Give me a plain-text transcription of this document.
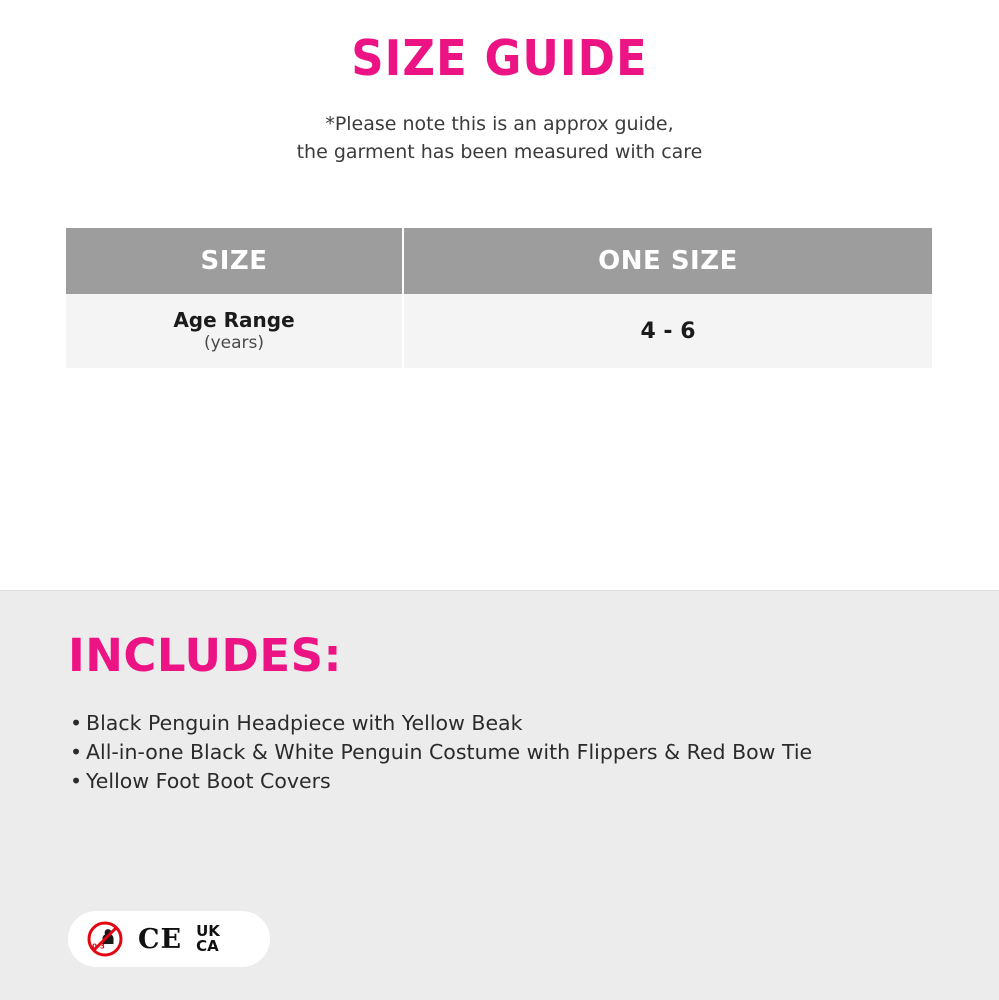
SIZE GUIDE
*Please note this is an approx guide,
the garment has been measured with care
SIZE	ONE SIZE

Age Range
(years)	4 - 6
INCLUDES:
• Black Penguin Headpiece with Yellow Beak
• All-in-one Black & White Penguin Costume with Flippers & Red Bow Tie
• Yellow Foot Boot Covers
0-3 CE UK
CA
